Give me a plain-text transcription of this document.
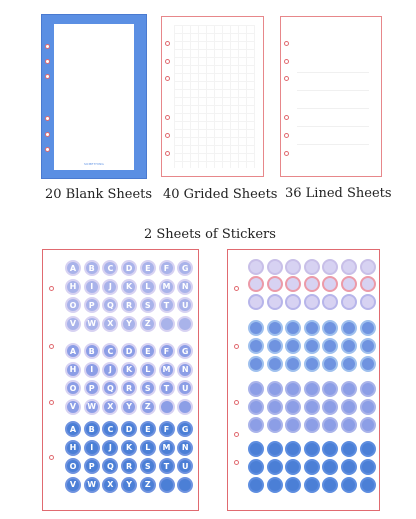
SOMETHING
20 Blank Sheets 40 Grided Sheets 36 Lined Sheets
2 Sheets of Stickers
A	B	C	D	E	F	G
H	I	J	K	L	M	N
O	P	Q	R	S	T	U
V	W	X	Y	Z
A	B	C	D	E	F	G
H	I	J	K	L	M	N
O	P	Q	R	S	T	U
V	W	X	Y	Z
A	B	C	D	E	F	G
H	I	J	K	L	M	N
O	P	Q	R	S	T	U
V	W	X	Y	Z
